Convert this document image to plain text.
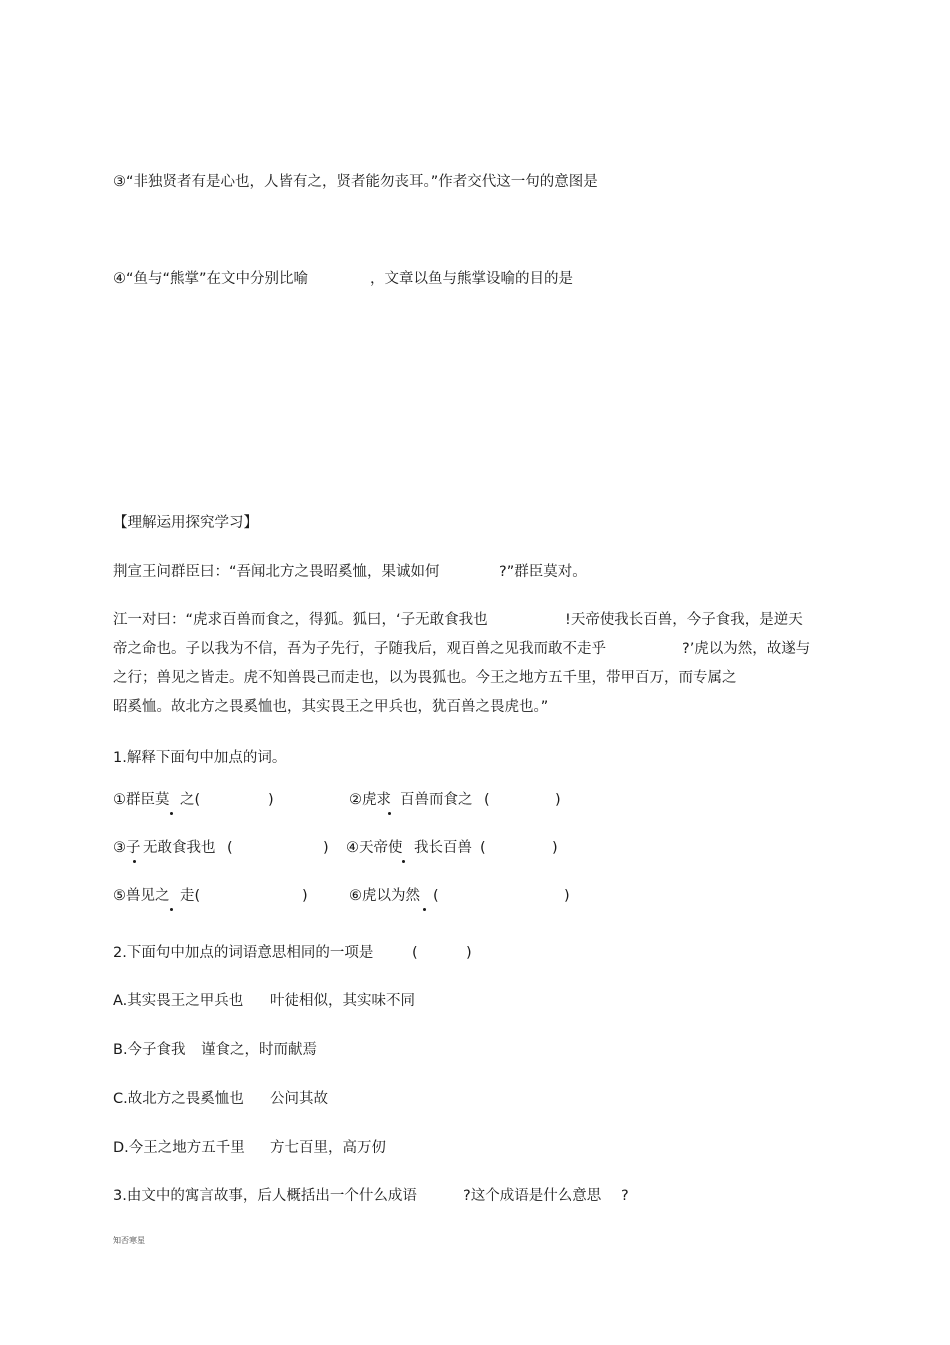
③“非独贤者有是心也，人皆有之，贤者能勿丧耳。”作者交代这一句的意图是
④“鱼与“熊掌”在文中分别比喻	，文章以鱼与熊掌设喻的目的是
【理解运用探究学习】
荆宣王问群臣曰：“吾闻北方之畏昭奚恤，果诚如何	?”群臣莫对。
江一对曰：“虎求百兽而食之，得狐。狐曰，‘子无敢食我也	!天帝使我长百兽，今子食我，是逆天
帝之命也。子以我为不信，吾为子先行，子随我后，观百兽之见我而敢不走乎	?’虎以为然，故遂与
之行；兽见之皆走。虎不知兽畏己而走也，以为畏狐也。今王之地方五千里，带甲百万，而专属之
昭奚恤。故北方之畏奚恤也，其实畏王之甲兵也，犹百兽之畏虎也。”
1.解释下面句中加点的词。
①群臣莫 之(	)	②虎求 百兽而食之 (	)
③子 无敢食我也 (	) ④天帝使 我长百兽 (	)
⑤兽见之 走(	)	⑥虎以为然 (	)
2.下面句中加点的词语意思相同的一项是	(	)
A.其实畏王之甲兵也 叶徒相似，其实味不同
B.今子食我 谨食之，时而献焉
C.故北方之畏奚恤也 公问其故
D.今王之地方五千里 方七百里，高万仞
3.由文中的寓言故事，后人概括出一个什么成语	?这个成语是什么意思 ?
知否寒星
